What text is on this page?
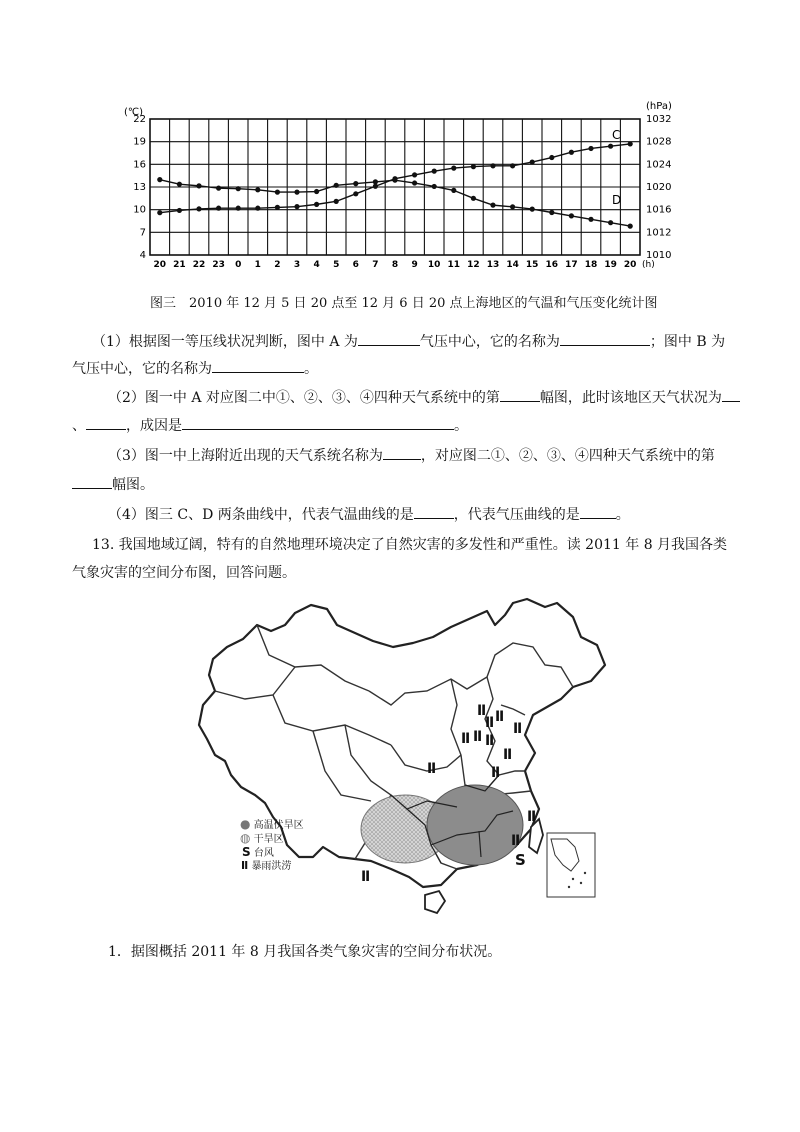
(℃)
(hPa)
22
19
16
13
10
7
4
1032
1028
1024
1020
1016
1012
1010
20 21 22 23 0 1 2 3 4 5 6 7 8 9 10 11 12 13 14 15 16 17 18 19 20 (h)
C
D
图三　2010 年 12 月 5 日 20 点至 12 月 6 日 20 点上海地区的气温和气压变化统计图
（1）根据图一等压线状况判断，图中 A 为	气压中心，它的名称为	；图中 B 为
气压中心，它的名称为	。
（2）图一中 A 对应图二中①、②、③、④四种天气系统中的第	幅图，此时该地区天气状况为
、	，成因是	。
（3）图一中上海附近出现的天气系统名称为	，对应图二①、②、③、④四种天气系统中的第
幅图。
（4）图三 C、D 两条曲线中，代表气温曲线的是	，代表气压曲线的是	。
13. 我国地域辽阔，特有的自然地理环境决定了自然灾害的多发性和严重性。读 2011 年 8 月我国各类
气象灾害的空间分布图，回答问题。
Ⅱ
Ⅱ Ⅱ
Ⅱ Ⅱ
Ⅱ
Ⅱ
Ⅱ	Ⅱ
Ⅱ
Ⅱ
Ⅱ
Ⅱ
S
● 高温伏旱区
◍ 干旱区
S 台风
Ⅱ 暴雨洪涝
1．据图概括 2011 年 8 月我国各类气象灾害的空间分布状况。
